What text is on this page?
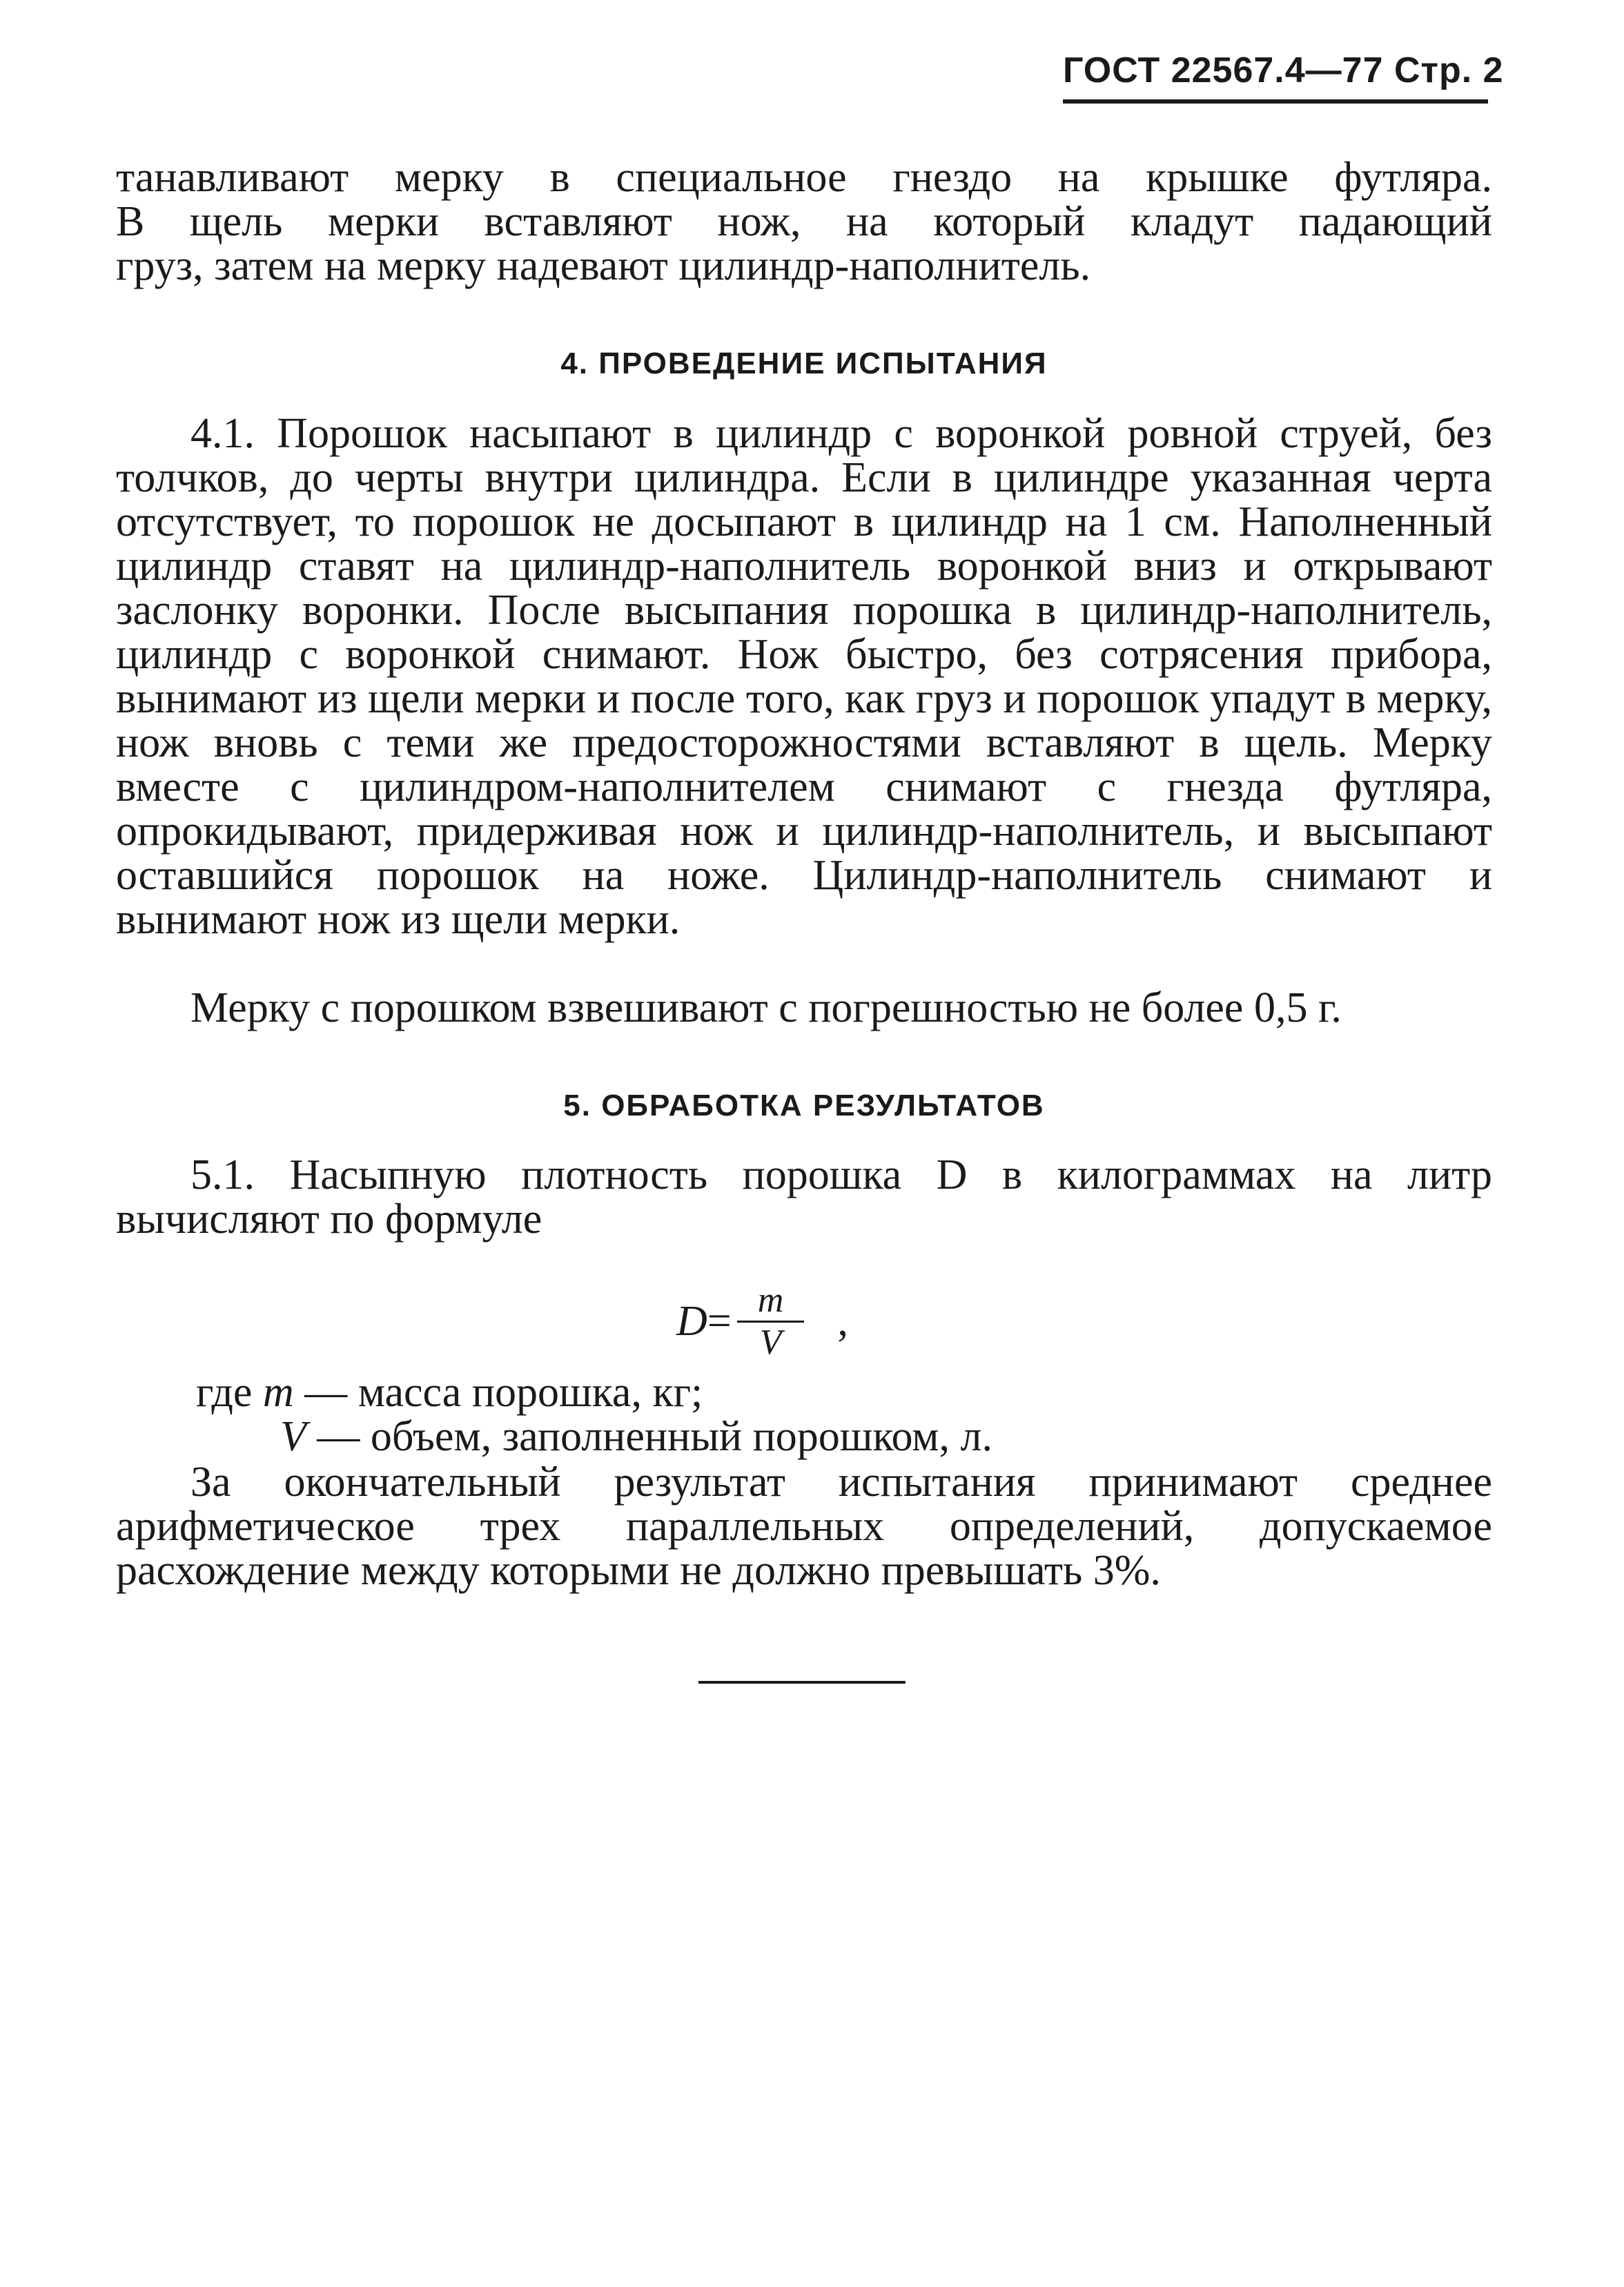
ГОСТ 22567.4—77 Стр. 2
танавливают мерку в специальное гнездо на крышке футляра.
В щель мерки вставляют нож, на который кладут падающий
груз, затем на мерку надевают цилиндр-наполнитель.
4. ПРОВЕДЕНИЕ ИСПЫТАНИЯ
4.1. Порошок насыпают в цилиндр с воронкой ровной струей, без толчков, до черты внутри цилиндра. Если в цилиндре указанная черта отсутствует, то порошок не досыпают в цилиндр на 1 см. Наполненный цилиндр ставят на цилиндр-наполнитель воронкой вниз и открывают заслонку воронки. После высыпания порошка в цилиндр-наполнитель, цилиндр с воронкой снимают. Нож быстро, без сотрясения прибора, вынимают из щели мерки и после того, как груз и порошок упадут в мерку, нож вновь с теми же предосторожностями вставляют в щель. Мерку вместе с цилиндром-наполнителем снимают с гнезда футляра, опрокидывают, придерживая нож и цилиндр-наполнитель, и высыпают оставшийся порошок на ноже. Цилиндр-наполнитель снимают и вынимают нож из щели мерки.
Мерку с порошком взвешивают с погрешностью не более 0,5 г.
5. ОБРАБОТКА РЕЗУЛЬТАТОВ
5.1. Насыпную плотность порошка D в килограммах на литр вычисляют по формуле
$D = \frac{m}{V}$ ,
где m — масса порошка, кг;
V — объем, заполненный порошком, л.
За окончательный результат испытания принимают среднее арифметическое трех параллельных определений, допускаемое расхождение между которыми не должно превышать 3%.
